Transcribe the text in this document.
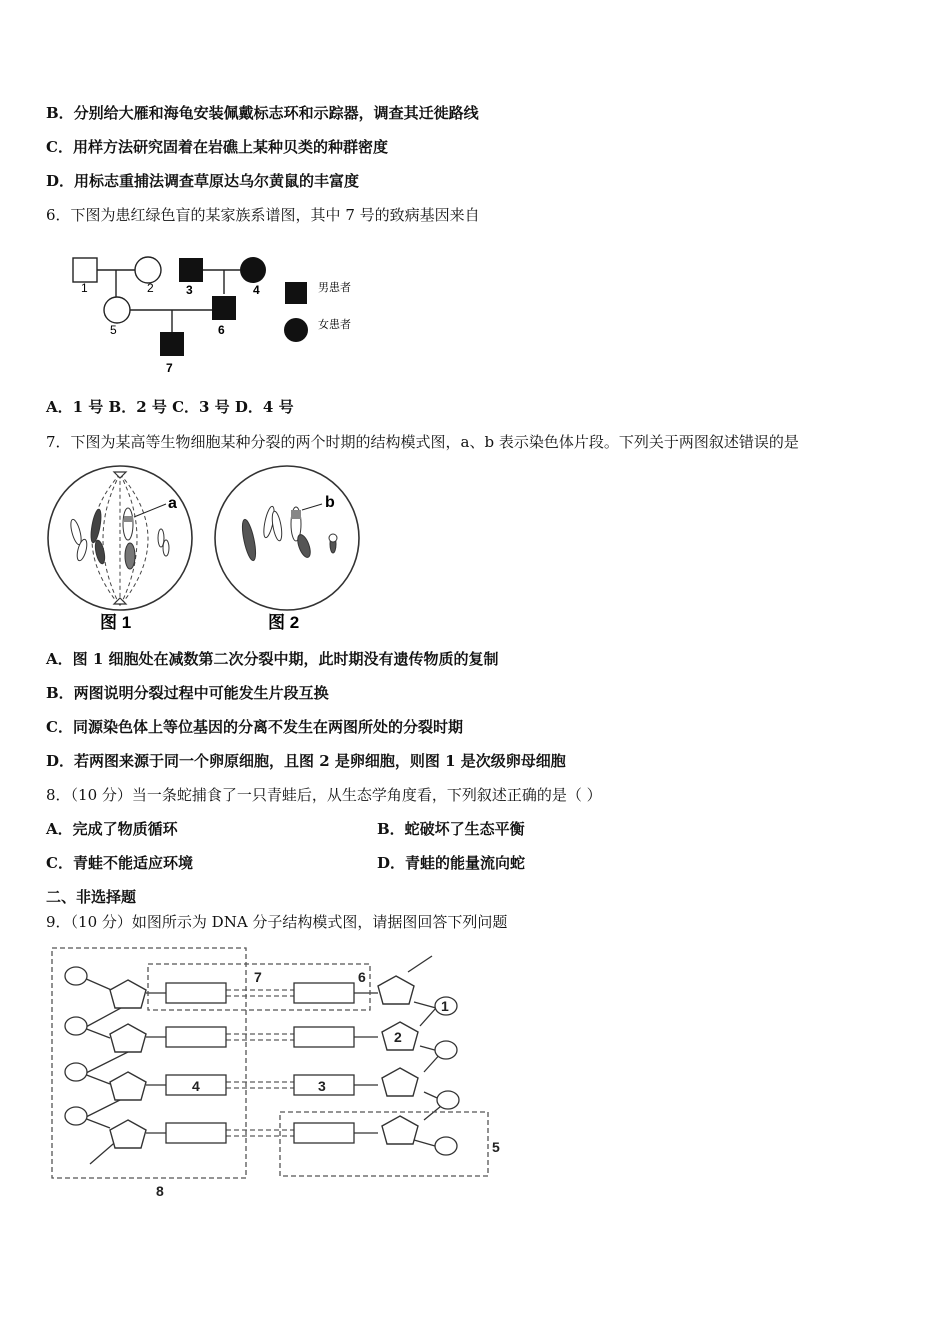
B．分别给大雁和海龟安装佩戴标志环和示踪器，调查其迁徙路线
C．用样方法研究固着在岩礁上某种贝类的种群密度
D．用标志重捕法调查草原达乌尔黄鼠的丰富度
6．下图为患红绿色盲的某家族系谱图，其中 7 号的致病基因来自
1	2	3	4
5	6
7
男患者
女患者
A．1 号 B．2 号 C．3 号 D．4 号
7．下图为某高等生物细胞某种分裂的两个时期的结构模式图，a、b 表示染色体片段。下列关于两图叙述错误的是
a
图 1
b
图 2
A．图 1 细胞处在减数第二次分裂中期，此时期没有遗传物质的复制
B．两图说明分裂过程中可能发生片段互换
C．同源染色体上等位基因的分离不发生在两图所处的分裂时期
D．若两图来源于同一个卵原细胞，且图 2 是卵细胞，则图 1 是次级卵母细胞
8．（10 分）当一条蛇捕食了一只青蛙后，从生态学角度看，下列叙述正确的是（ ）
A．完成了物质循环	B．蛇破坏了生态平衡
C．青蛙不能适应环境	D．青蛙的能量流向蛇
二、非选择题
9．（10 分）如图所示为 DNA 分子结构模式图，请据图回答下列问题
1
2
3
4
5
6
7
8
